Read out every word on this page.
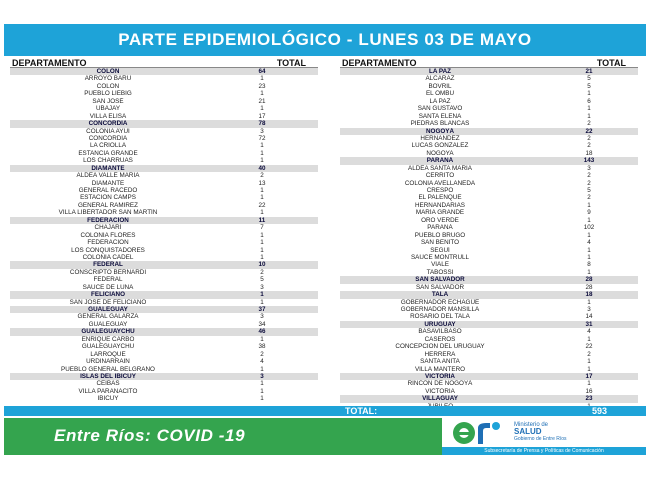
PARTE EPIDEMIOLÓGICO - LUNES 03 DE MAYO
DEPARTAMENTO	TOTAL
COLÓN	64
ARROYO BARÚ	1
COLÓN	23
PUEBLO LIEBIG	1
SAN JOSÉ	21
UBAJAY	1
VILLA ELISA	17
CONCORDIA	78
COLONIA AYUI	3
CONCORDIA	72
LA CRIOLLA	1
ESTANCIA GRANDE	1
LOS CHARRUAS	1
DIAMANTE	40
ALDEA VALLE MARIA	2
DIAMANTE	13
GENERAL RACEDO	1
ESTACION CAMPS	1
GENERAL RAMIREZ	22
VILLA LIBERTADOR SAN MARTÍN	1
FEDERACIÓN	11
CHAJARÍ	7
COLONIA FLORES	1
FEDERACIÓN	1
LOS CONQUISTADORES	1
COLONIA CADEL	1
FEDERAL	10
CONSCRIPTO BERNARDI	2
FEDERAL	5
SAUCE DE LUNA	3
FELICIANO	1
SAN JOSÉ DE FELICIANO	1
GUALEGUAY	37
GENERAL GALARZA	3
GUALEGUAY	34
GUALEGUAYCHÚ	46
ENRIQUE CARBÓ	1
GUALEGUAYCHÚ	38
LARROQUE	2
URDINARRAIN	4
PUEBLO GENERAL BELGRANO	1
ISLAS DEL IBICUY	3
CEIBAS	1
VILLA PARANACITO	1
IBICUY	1
DEPARTAMENTO	TOTAL
LA PAZ	21
ALCARAZ	5
BOVRIL	5
EL OMBÚ	1
LA PAZ	6
SAN GUSTAVO	1
SANTA ELENA	1
PIEDRAS BLANCAS	2
NOGOYÁ	22
HERNANDEZ	2
LUCAS GONZALEZ	2
NOGOYA	18
PARANÁ	143
ALDEA SANTA MARIA	3
CERRITO	2
COLONIA AVELLANEDA	2
CRESPO	5
EL PALENQUE	2
HERNANDARIAS	1
MARÍA GRANDE	9
ORO VERDE	1
PARANÁ	102
PUEBLO BRUGO	1
SAN BENITO	4
SEGUÍ	1
SAUCE MONTRULL	1
VIALE	8
TABOSSI	1
SAN SALVADOR	28
SAN SALVADOR	28
TALA	18
GOBERNADOR ECHAGÜE	1
GOBERNADOR MANSILLA	3
ROSARIO DEL TALA	14
URUGUAY	31
BASAVILBASO	4
CASEROS	1
CONCEPCIÓN DEL URUGUAY	22
HERRERA	2
SANTA ANITA	1
VILLA MANTERO	1
VICTORIA	17
RINCÓN DE NOGOYÁ	1
VICTORIA	16
VILLAGUAY	23
TOTAL:	593
Entre Ríos: COVID -19
Ministerio de
SALUD
Gobierno de Entre Ríos
Subsecretaría de Prensa y Políticas de Comunicación
